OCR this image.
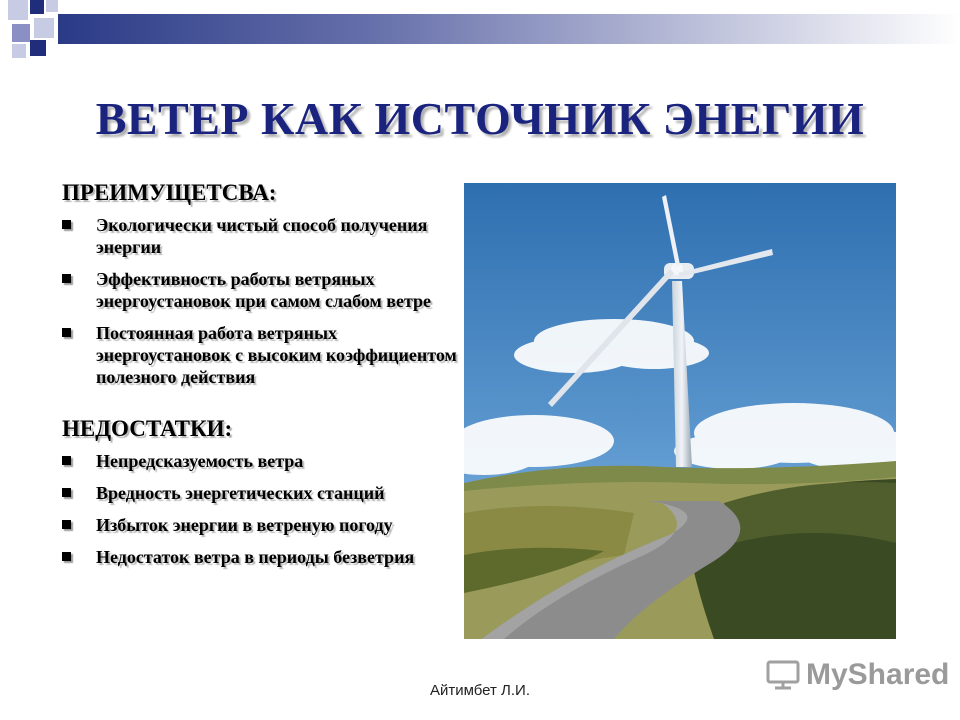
ВЕТЕР КАК ИСТОЧНИК ЭНЕГИИ
ПРЕИМУЩЕТСВА:
Экологически чистый способ получения энергии
Эффективность работы ветряных энергоустановок при самом слабом ветре
Постоянная работа ветряных энергоустановок с высоким коэффициентом полезного действия
НЕДОСТАТКИ:
Непредсказуемость ветра
Вредность энергетических станций
Избыток энергии в ветреную погоду
Недостаток ветра в периоды безветрия
Айтимбет Л.И.	MyShared
